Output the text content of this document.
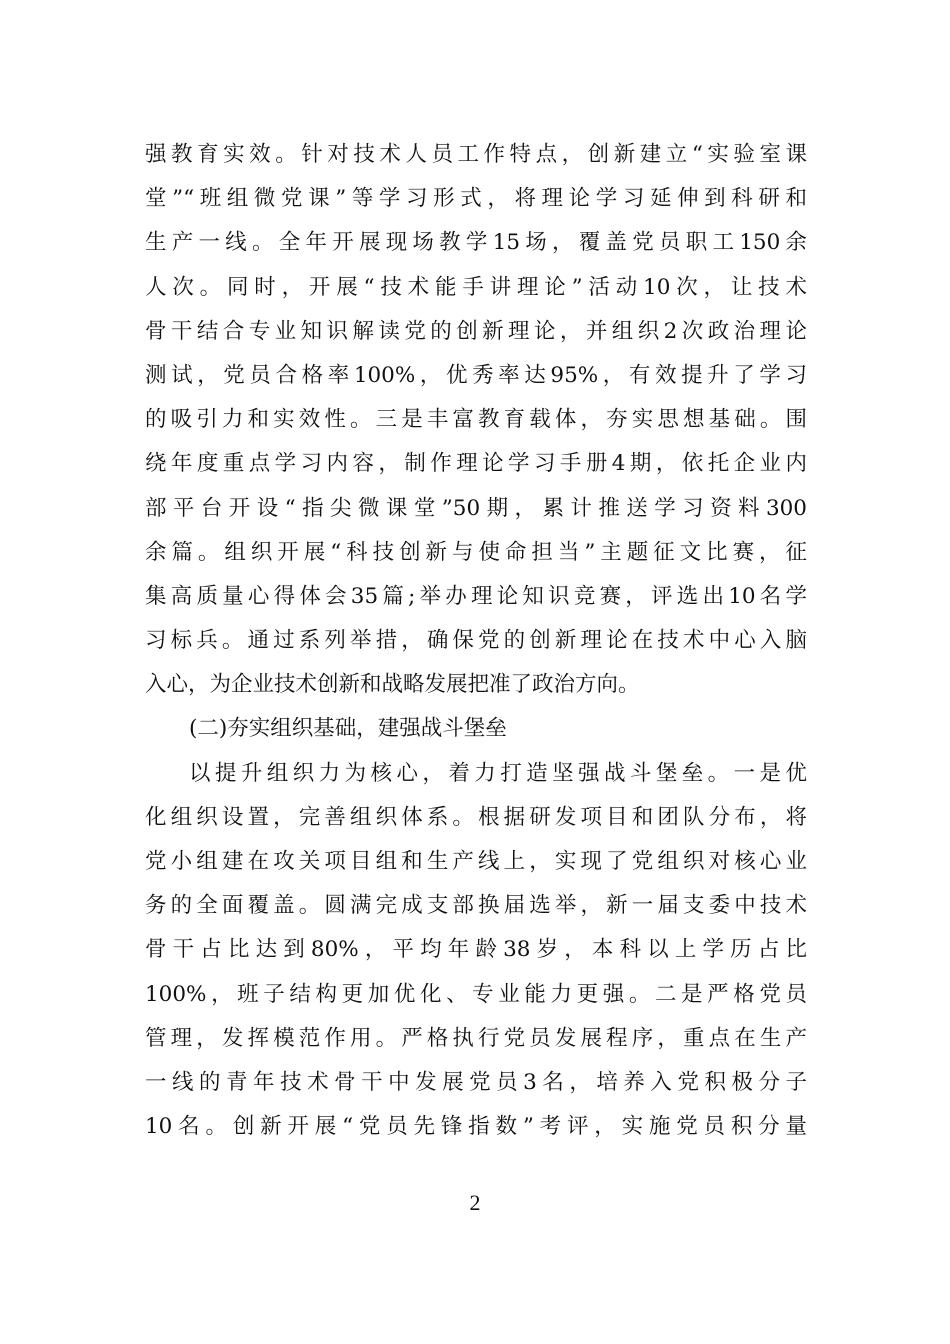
强教育实效。针对技术人员工作特点，创新建立“实验室课
堂”“班组微党课”等学习形式，将理论学习延伸到科研和
生产一线。全年开展现场教学15场，覆盖党员职工150余
人次。同时，开展“技术能手讲理论”活动10次，让技术
骨干结合专业知识解读党的创新理论，并组织2次政治理论
测试，党员合格率100%，优秀率达95%，有效提升了学习
的吸引力和实效性。三是丰富教育载体，夯实思想基础。围
绕年度重点学习内容，制作理论学习手册4期，依托企业内
部平台开设“指尖微课堂”50期，累计推送学习资料300
余篇。组织开展“科技创新与使命担当”主题征文比赛，征
集高质量心得体会35篇;举办理论知识竞赛，评选出10名学
习标兵。通过系列举措，确保党的创新理论在技术中心入脑
入心，为企业技术创新和战略发展把准了政治方向。
(二)夯实组织基础，建强战斗堡垒
以提升组织力为核心，着力打造坚强战斗堡垒。一是优
化组织设置，完善组织体系。根据研发项目和团队分布，将
党小组建在攻关项目组和生产线上，实现了党组织对核心业
务的全面覆盖。圆满完成支部换届选举，新一届支委中技术
骨干占比达到80%，平均年龄38岁，本科以上学历占比
100%，班子结构更加优化、专业能力更强。二是严格党员
管理，发挥模范作用。严格执行党员发展程序，重点在生产
一线的青年技术骨干中发展党员3名，培养入党积极分子
10名。创新开展“党员先锋指数”考评，实施党员积分量
2
